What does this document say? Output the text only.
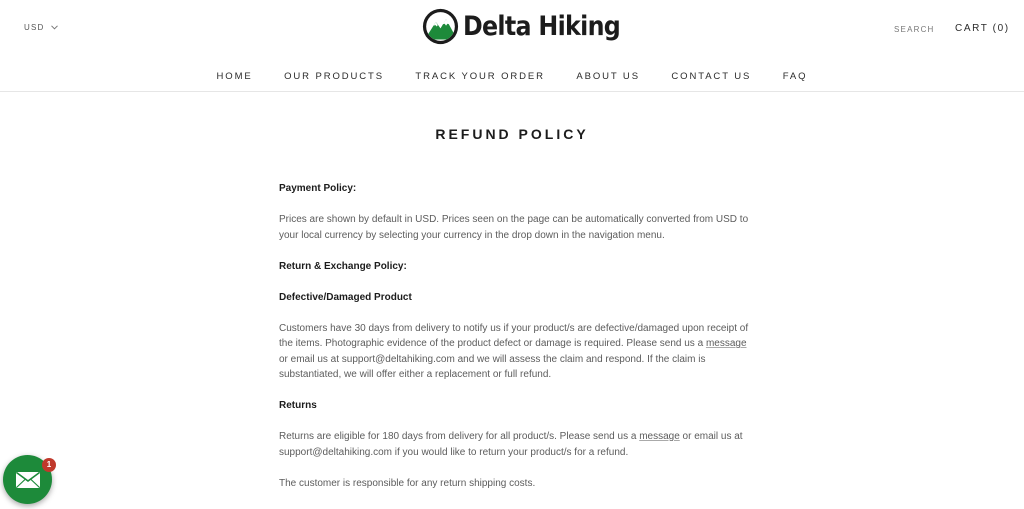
USD	Delta Hiking	SEARCH CART (0)
HOME	OUR PRODUCTS	TRACK YOUR ORDER	ABOUT US	CONTACT US	FAQ
REFUND POLICY

Payment Policy:

Prices are shown by default in USD. Prices seen on the page can be automatically converted from USD to your local currency by selecting your currency in the drop down in the navigation menu.

Return & Exchange Policy:

Defective/Damaged Product

Customers have 30 days from delivery to notify us if your product/s are defective/damaged upon receipt of the items. Photographic evidence of the product defect or damage is required. Please send us a message or email us at support@deltahiking.com and we will assess the claim and respond. If the claim is substantiated, we will offer either a replacement or full refund.

Returns

Returns are eligible for 180 days from delivery for all product/s. Please send us a message or email us at support@deltahiking.com if you would like to return your product/s for a refund.

The customer is responsible for any return shipping costs.

1
